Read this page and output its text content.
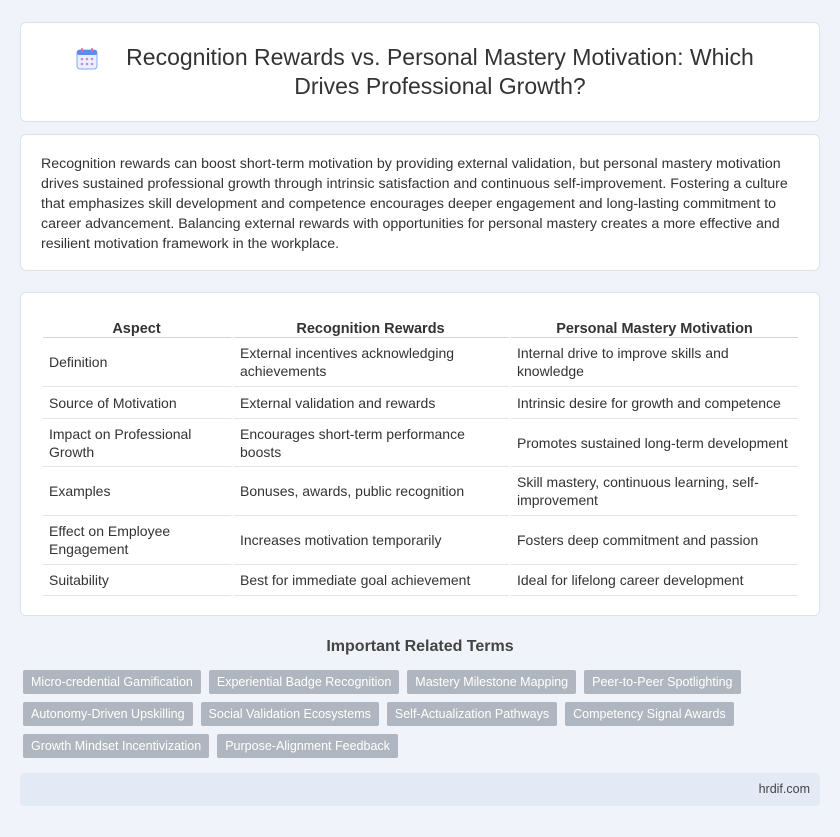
Recognition Rewards vs. Personal Mastery Motivation: Which Drives Professional Growth?

Recognition rewards can boost short-term motivation by providing external validation, but personal mastery motivation drives sustained professional growth through intrinsic satisfaction and continuous self-improvement. Fostering a culture that emphasizes skill development and competence encourages deeper engagement and long-lasting commitment to career advancement. Balancing external rewards with opportunities for personal mastery creates a more effective and resilient motivation framework in the workplace.

Aspect	Recognition Rewards	Personal Mastery Motivation
Definition	External incentives acknowledging achievements	Internal drive to improve skills and knowledge
Source of Motivation	External validation and rewards	Intrinsic desire for growth and competence
Impact on Professional Growth	Encourages short-term performance boosts	Promotes sustained long-term development
Examples	Bonuses, awards, public recognition	Skill mastery, continuous learning, self-improvement
Effect on Employee Engagement	Increases motivation temporarily	Fosters deep commitment and passion
Suitability	Best for immediate goal achievement	Ideal for lifelong career development
Important Related Terms
Micro-credential Gamification	Experiential Badge Recognition	Mastery Milestone Mapping	Peer-to-Peer Spotlighting
Autonomy-Driven Upskilling	Social Validation Ecosystems	Self-Actualization Pathways	Competency Signal Awards
Growth Mindset Incentivization	Purpose-Alignment Feedback
hrdif.com
